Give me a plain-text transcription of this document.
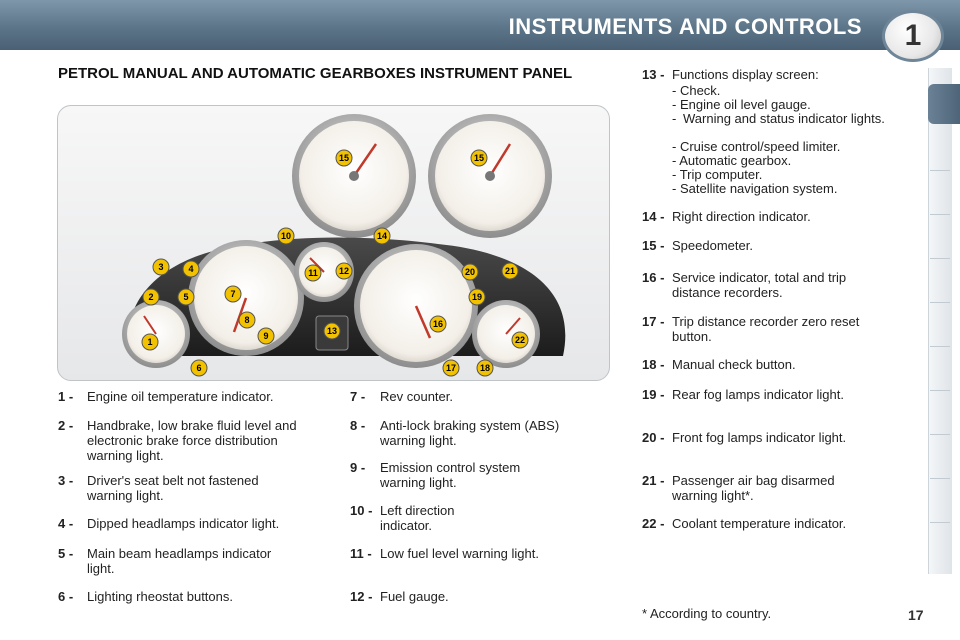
INSTRUMENTS AND CONTROLS	1
PETROL MANUAL AND AUTOMATIC GEARBOXES INSTRUMENT PANEL
1
2
3	4
5
6
7
8
9
10
11 12
13
14
15	15
16
17	18
19
20	21
22
1 - Engine oil temperature indicator.
2 - Handbrake, low brake fluid level and electronic brake force distribution warning light.
3 - Driver's seat belt not fastened warning light.
4 - Dipped headlamps indicator light.
5 - Main beam headlamps indicator light.
6 - Lighting rheostat buttons.
7 - Rev counter.
8 - Anti-lock braking system (ABS) warning light.
9 - Emission control system warning light.
10 - Left direction indicator.
11 - Low fuel level warning light.
12 - Fuel gauge.
13 - Functions display screen:
- Check.
- Engine oil level gauge.
- Warning and status indicator lights.
- Cruise control/speed limiter.
- Automatic gearbox.
- Trip computer.
- Satellite navigation system.
14 - Right direction indicator.
15 - Speedometer.
16 - Service indicator, total and trip distance recorders.
17 - Trip distance recorder zero reset button.
18 - Manual check button.
19 - Rear fog lamps indicator light.
20 - Front fog lamps indicator light.
21 - Passenger air bag disarmed warning light*.
22 - Coolant temperature indicator.
* According to country.	17
